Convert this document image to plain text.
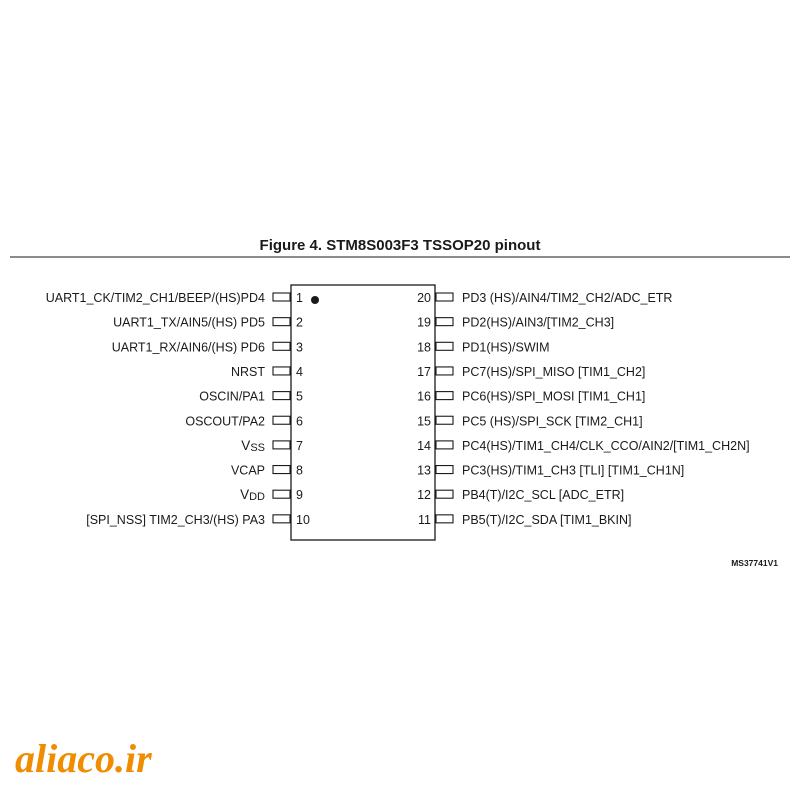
Figure 4. STM8S003F3 TSSOP20 pinout
1
UART1_CK/TIM2_CH1/BEEP/(HS)PD4
2
UART1_TX/AIN5/(HS) PD5
3
UART1_RX/AIN6/(HS) PD6
4
NRST
5
OSCIN/PA1
6
OSCOUT/PA2
7
VSS
8
VCAP
9
VDD
10
[SPI_NSS] TIM2_CH3/(HS) PA3
20 PD3 (HS)/AIN4/TIM2_CH2/ADC_ETR
19 PD2(HS)/AIN3/[TIM2_CH3]
18 PD1(HS)/SWIM
17 PC7(HS)/SPI_MISO [TIM1_CH2]
16 PC6(HS)/SPI_MOSI [TIM1_CH1]
15 PC5 (HS)/SPI_SCK [TIM2_CH1]
14 PC4(HS)/TIM1_CH4/CLK_CCO/AIN2/[TIM1_CH2N]
13 PC3(HS)/TIM1_CH3 [TLI] [TIM1_CH1N]
12 PB4(T)/I2C_SCL [ADC_ETR]
11 PB5(T)/I2C_SDA [TIM1_BKIN]
MS37741V1
aliaco.ir
